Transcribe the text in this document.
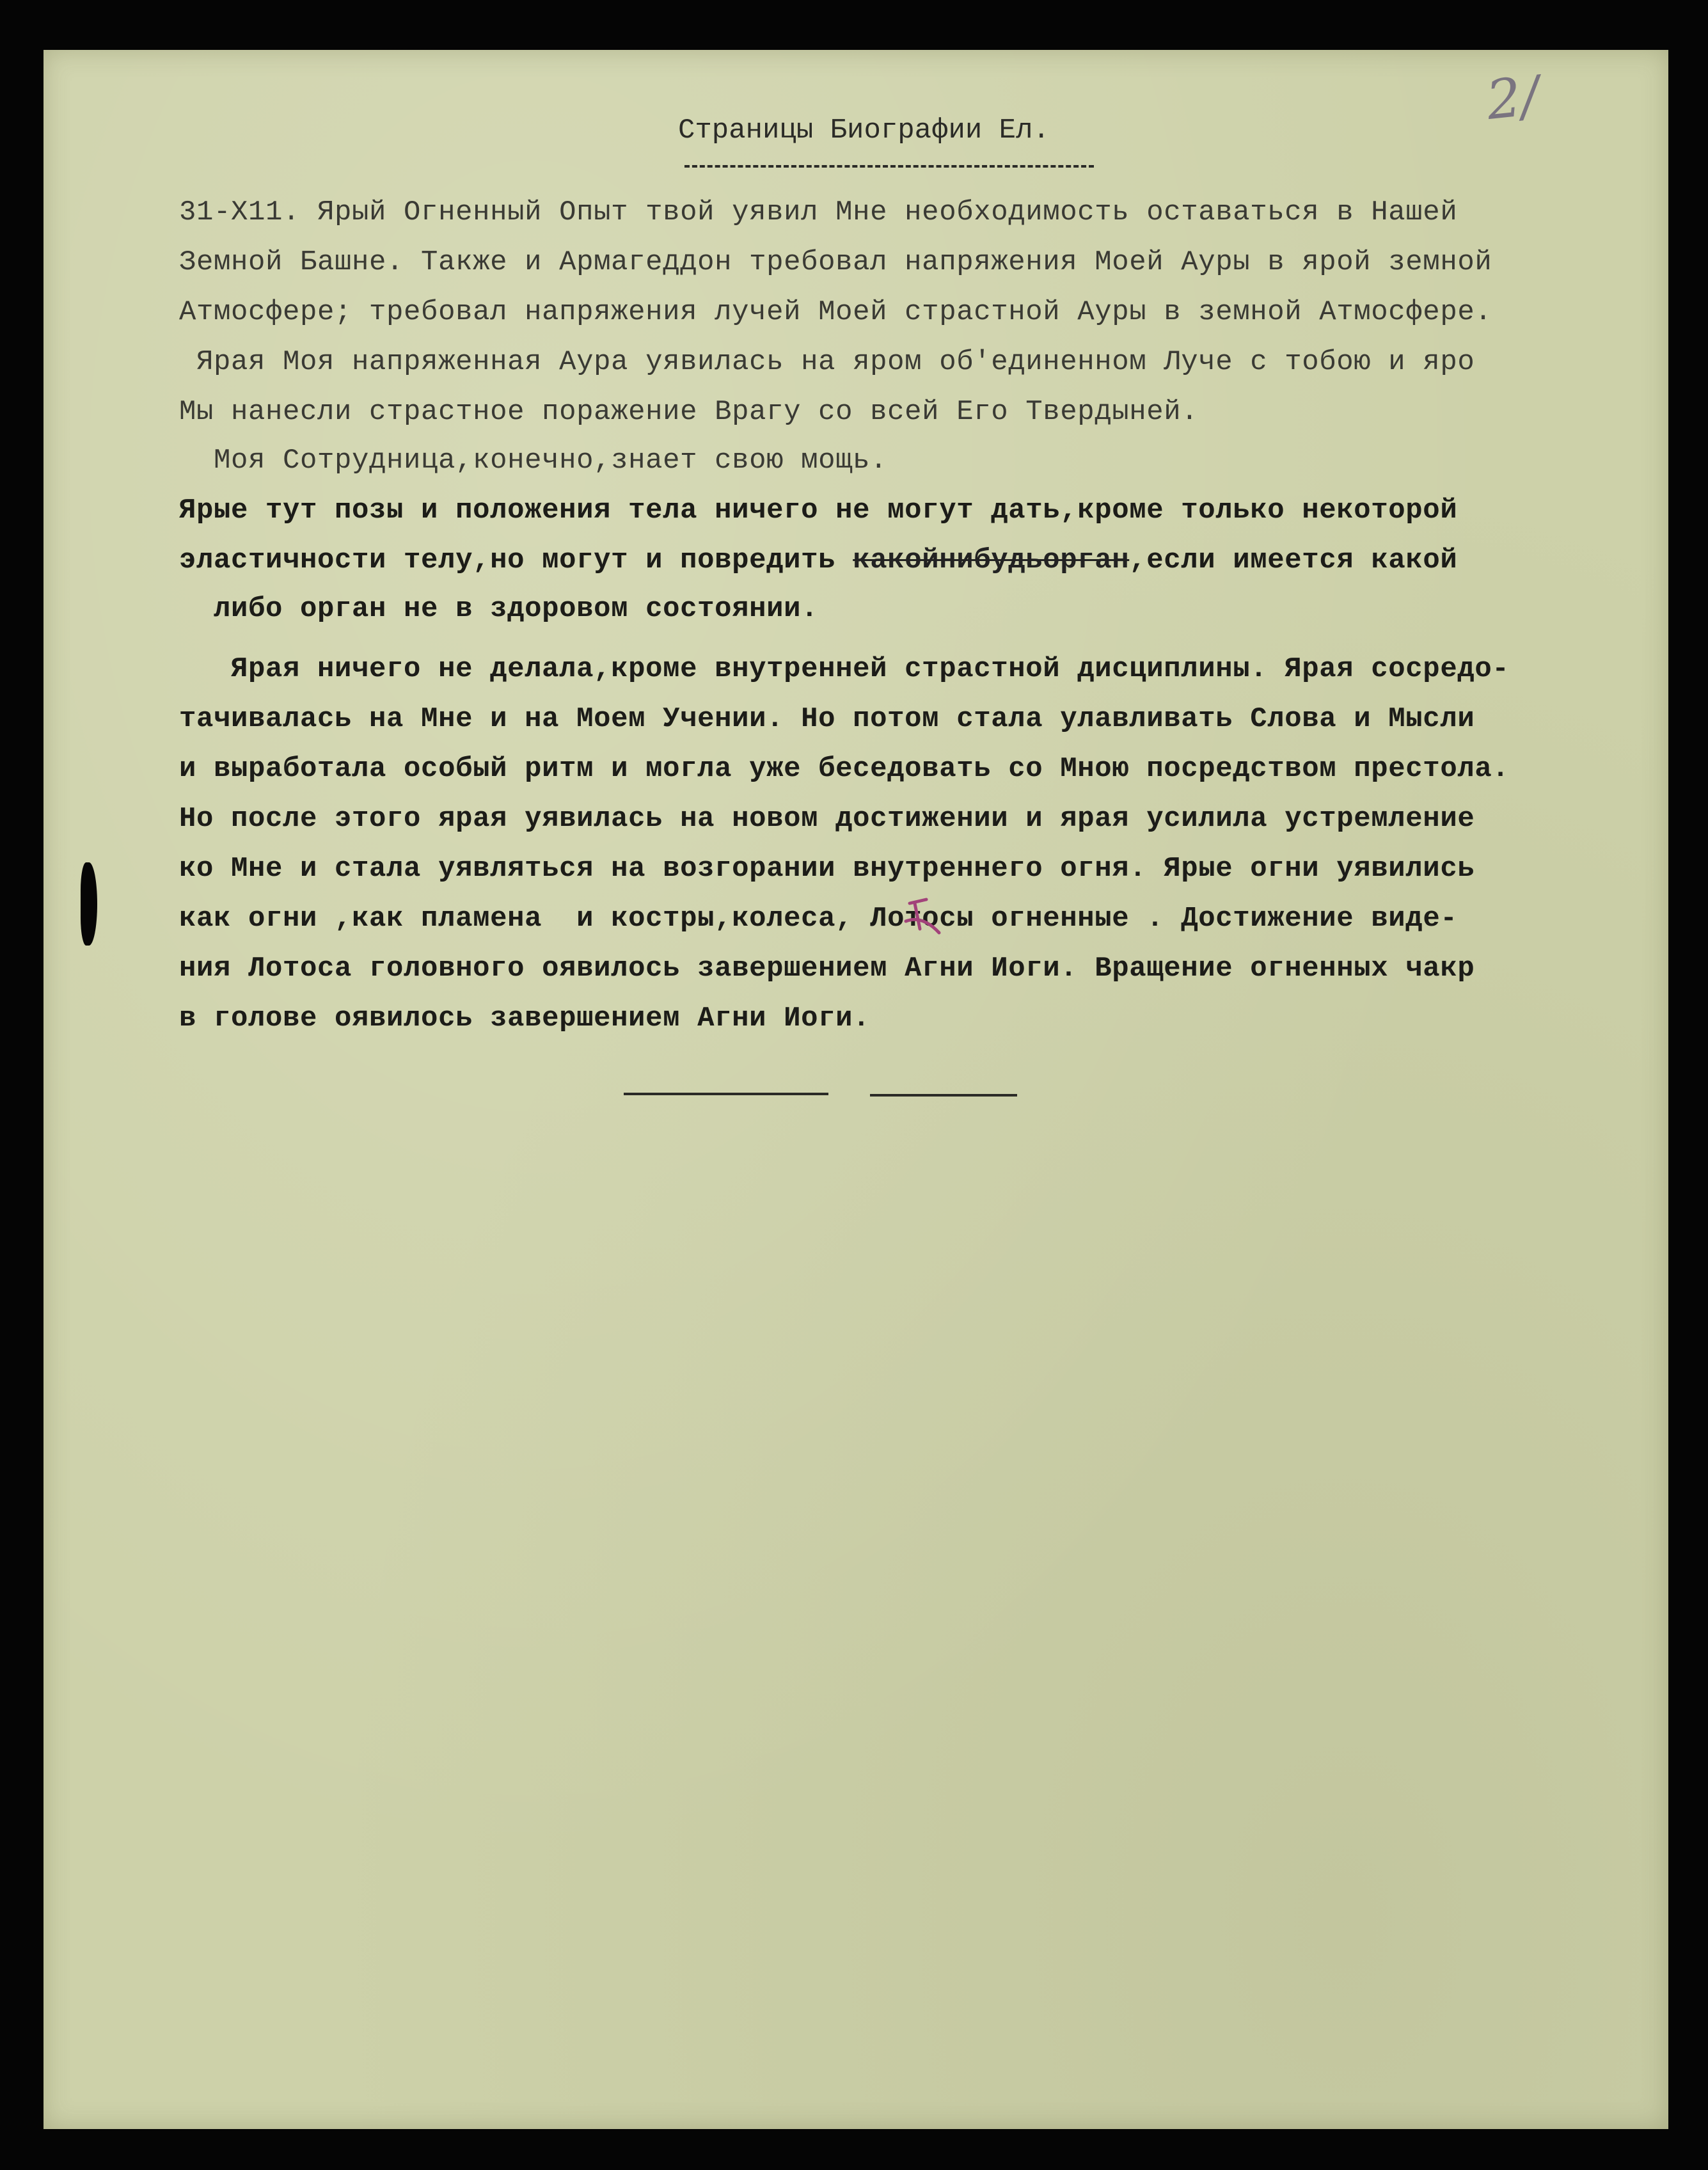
2/
Страницы Биографии Ел.
31-Х11. Ярый Огненный Опыт твой уявил Мне необходимость оставаться в Нашей
Земной Башне. Также и Армагеддон требовал напряжения Моей Ауры в ярой земной
Атмосфере; требовал напряжения лучей Моей страстной Ауры в земной Атмосфере.
Ярая Моя напряженная Аура уявилась на яром об'единенном Луче с тобою и яро
Мы нанесли страстное поражение Врагу со всей Его Твердыней.
Моя Сотрудница,конечно,знает свою мощь.
Ярые тут позы и положения тела ничего не могут дать,кроме только некоторой
эластичности телу,но могут и повредить какойнибудьорган,если имеется какой
либо орган не в здоровом состоянии.
Ярая ничего не делала,кроме внутренней страстной дисциплины. Ярая сосредо-
тачивалась на Мне и на Моем Учении. Но потом стала улавливать Слова и Мысли
и выработала особый ритм и могла уже беседовать со Мною посредством престола.
Но после этого ярая уявилась на новом достижении и ярая усилила устремление
ко Мне и стала уявляться на возгорании внутреннего огня. Ярые огни уявились
как огни ,как пламена  и костры,колеса, Лотосы огненные . Достижение виде-
ния Лотоса головного оявилось завершением Агни Иоги. Вращение огненных чакр
в голове оявилось завершением Агни Иоги.
